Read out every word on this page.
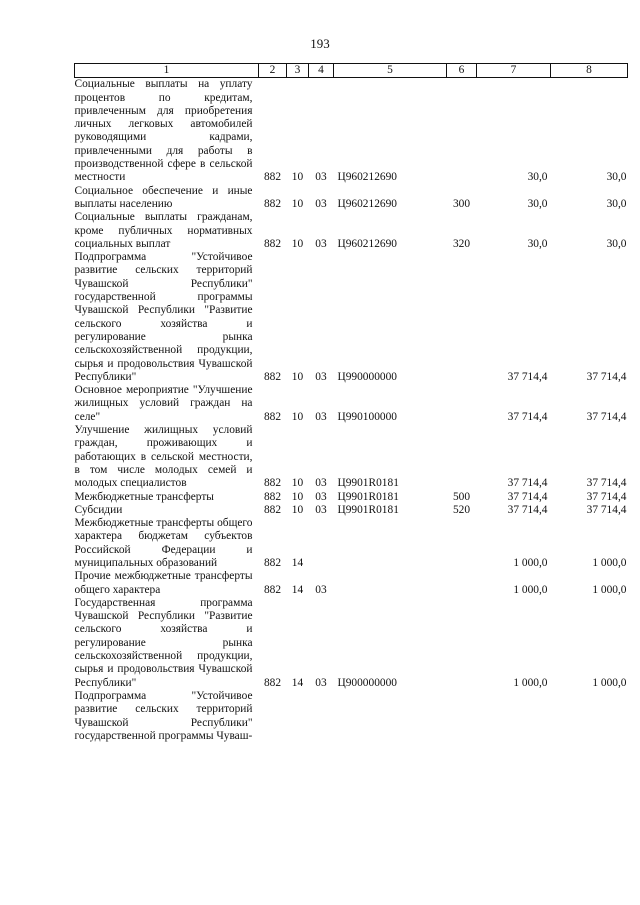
193
1	2	3	4	5	6	7	8
Социальные выплаты на уплату процентов по кредитам, привлеченным для приобретения личных легковых автомобилей руководящими кадрами, привлеченными для работы в производственной сфере в сельской местности	882	10	03	Ц960212690		30,0	30,0
Социальное обеспечение и иные выплаты населению	882	10	03	Ц960212690	300	30,0	30,0
Социальные выплаты гражданам, кроме публичных нормативных социальных выплат	882	10	03	Ц960212690	320	30,0	30,0
Подпрограмма "Устойчивое развитие сельских территорий Чувашской Республики" государственной программы Чувашской Республики "Развитие сельского хозяйства и регулирование рынка сельскохозяйственной продукции, сырья и продовольствия Чувашской Республики"	882	10	03	Ц990000000		37 714,4	37 714,4
Основное мероприятие "Улучшение жилищных условий граждан на селе"	882	10	03	Ц990100000		37 714,4	37 714,4
Улучшение жилищных условий граждан, проживающих и работающих в сельской местности, в том числе молодых семей и молодых специалистов	882	10	03	Ц9901R0181		37 714,4	37 714,4
Межбюджетные трансферты	882	10	03	Ц9901R0181	500	37 714,4	37 714,4
Субсидии	882	10	03	Ц9901R0181	520	37 714,4	37 714,4
Межбюджетные трансферты общего характера бюджетам субъектов Российской Федерации и муниципальных образований	882	14				1 000,0	1 000,0
Прочие межбюджетные трансферты общего характера	882	14	03			1 000,0	1 000,0
Государственная программа Чувашской Республики "Развитие сельского хозяйства и регулирование рынка сельскохозяйственной продукции, сырья и продовольствия Чувашской Республики"	882	14	03	Ц900000000		1 000,0	1 000,0
Подпрограмма "Устойчивое развитие сельских территорий Чувашской Республики" государственной программы Чуваш-							
